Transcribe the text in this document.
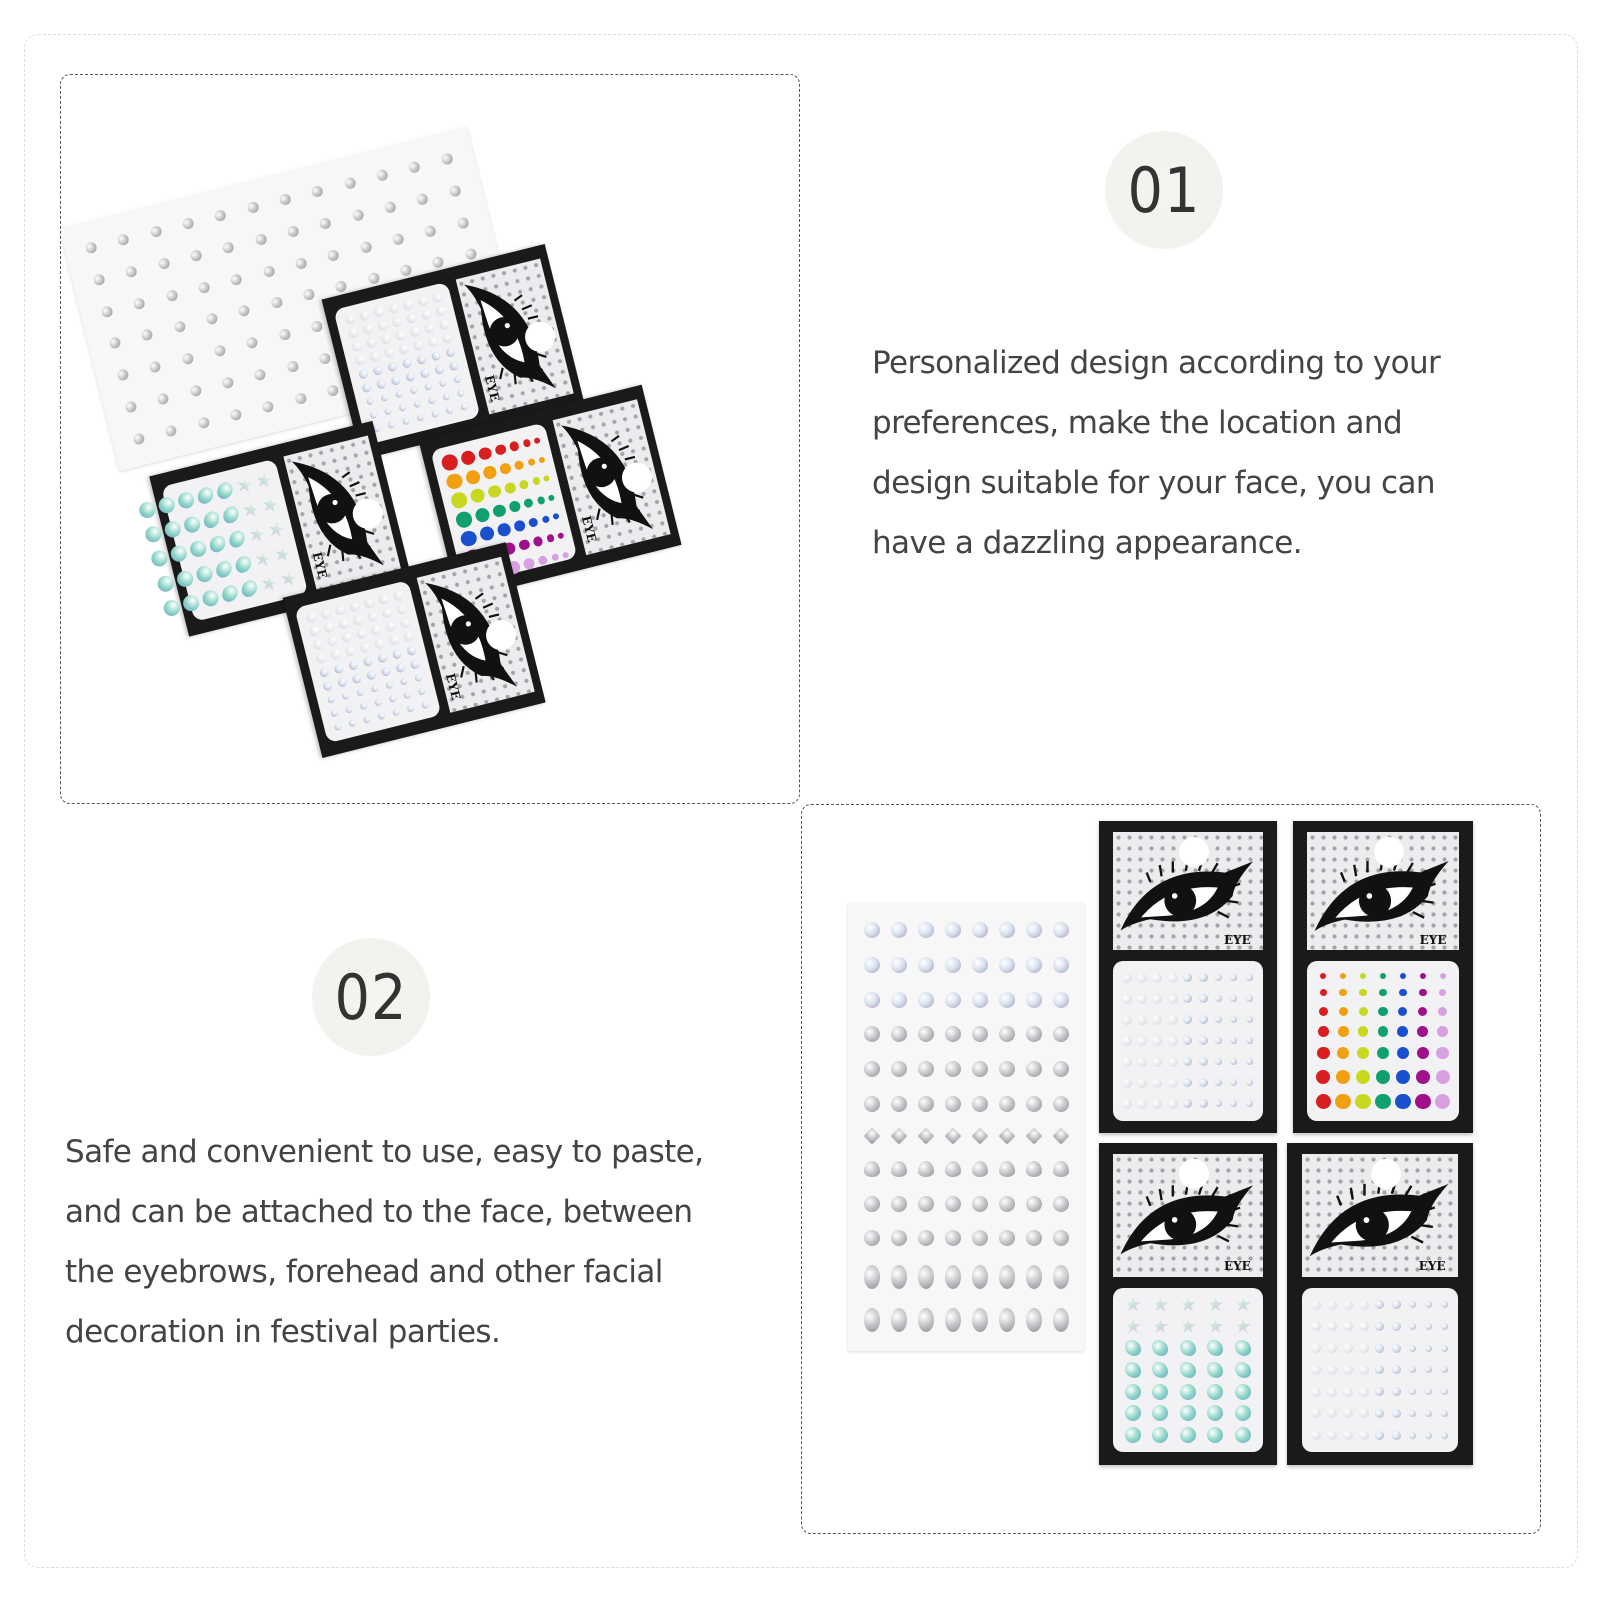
EYE
EYE
EYE
EYE
01
Personalized design according to your
preferences, make the location and
design suitable for your face, you can
have a dazzling appearance.
02
Safe and convenient to use, easy to paste,
and can be attached to the face, between
the eyebrows, forehead and other facial
decoration in festival parties.
EYE	EYE
EYE	EYE
